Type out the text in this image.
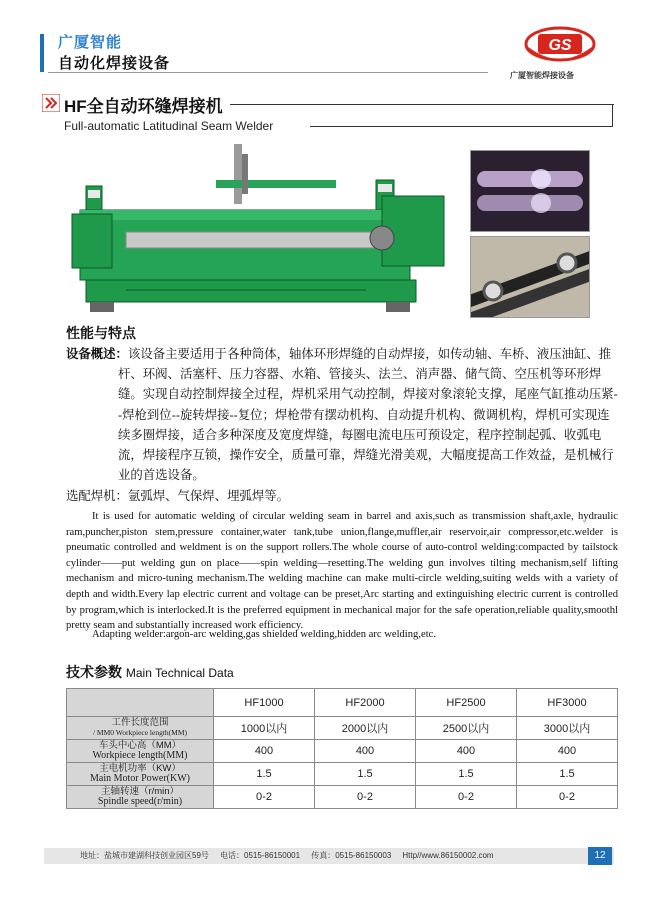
广厦智能
自动化焊接设备
GS
广厦智能焊接设备
HF全自动环缝焊接机
Full-automatic Latitudinal Seam Welder
性能与特点

设备概述：该设备主要适用于各种筒体，轴体环形焊缝的自动焊接，如传动轴、车桥、液压油缸、推杆、环阀、活塞杆、压力容器、水箱、管接头、法兰、消声器、储气筒、空压机等环形焊缝。实现自动控制焊接全过程，焊机采用气动控制，焊接对象滚轮支撑，尾座气缸推动压紧--焊枪到位--旋转焊接--复位；焊枪带有摆动机构、自动提升机构、微调机构，焊机可实现连续多圈焊接，适合多种深度及宽度焊缝，每圈电流电压可预设定，程序控制起弧、收弧电流，焊接程序互锁，操作安全，质量可靠，焊缝光滑美观，大幅度提高工作效益，是机械行业的首选设备。

选配焊机：氩弧焊、气保焊、埋弧焊等。

It is used for automatic welding of circular welding seam in barrel and axis,such as transmission shaft,axle, hydraulic ram,puncher,piston stem,pressure container,water tank,tube union,flange,muffler,air reservoir,air compressor,etc.welder is pneumatic controlled and weldment is on the support rollers.The whole course of auto-control welding:compacted by tailstock cylinder——put welding gun on place——spin welding—resetting.The welding gun involves tilting mechanism,self lifting mechanism and micro-tuning mechanism.The welding machine can make multi-circle welding,suiting welds with a variety of depth and width.Every lap electric current and voltage can be preset,Arc starting and extinguishing electric current is controlled by program,which is interlocked.It is the preferred equipment in mechanical major for the safe operation,reliable quality,smoothl pretty seam and substantially increased work efficiency.

Adapting welder:argon-arc welding,gas shielded welding,hidden arc welding,etc.
技术参数 Main Technical Data
	HF1000	HF2000	HF2500	HF3000

工件长度范围
/ MM0 Workpiece length(MM)	1000以内	2000以内	2500以内	3000以内

车头中心高（MM）
Workpiece length(MM)	400	400	400	400

主电机功率（KW）
Main Motor Power(KW)	1.5	1.5	1.5	1.5

主轴转速（r/min）
Spindle speed(r/min)	0-2	0-2	0-2	0-2
地址：盐城市建湖科技创业园区59号 电话：0515-86150001 传真：0515-86150003 Http//www.86150002.com	12
